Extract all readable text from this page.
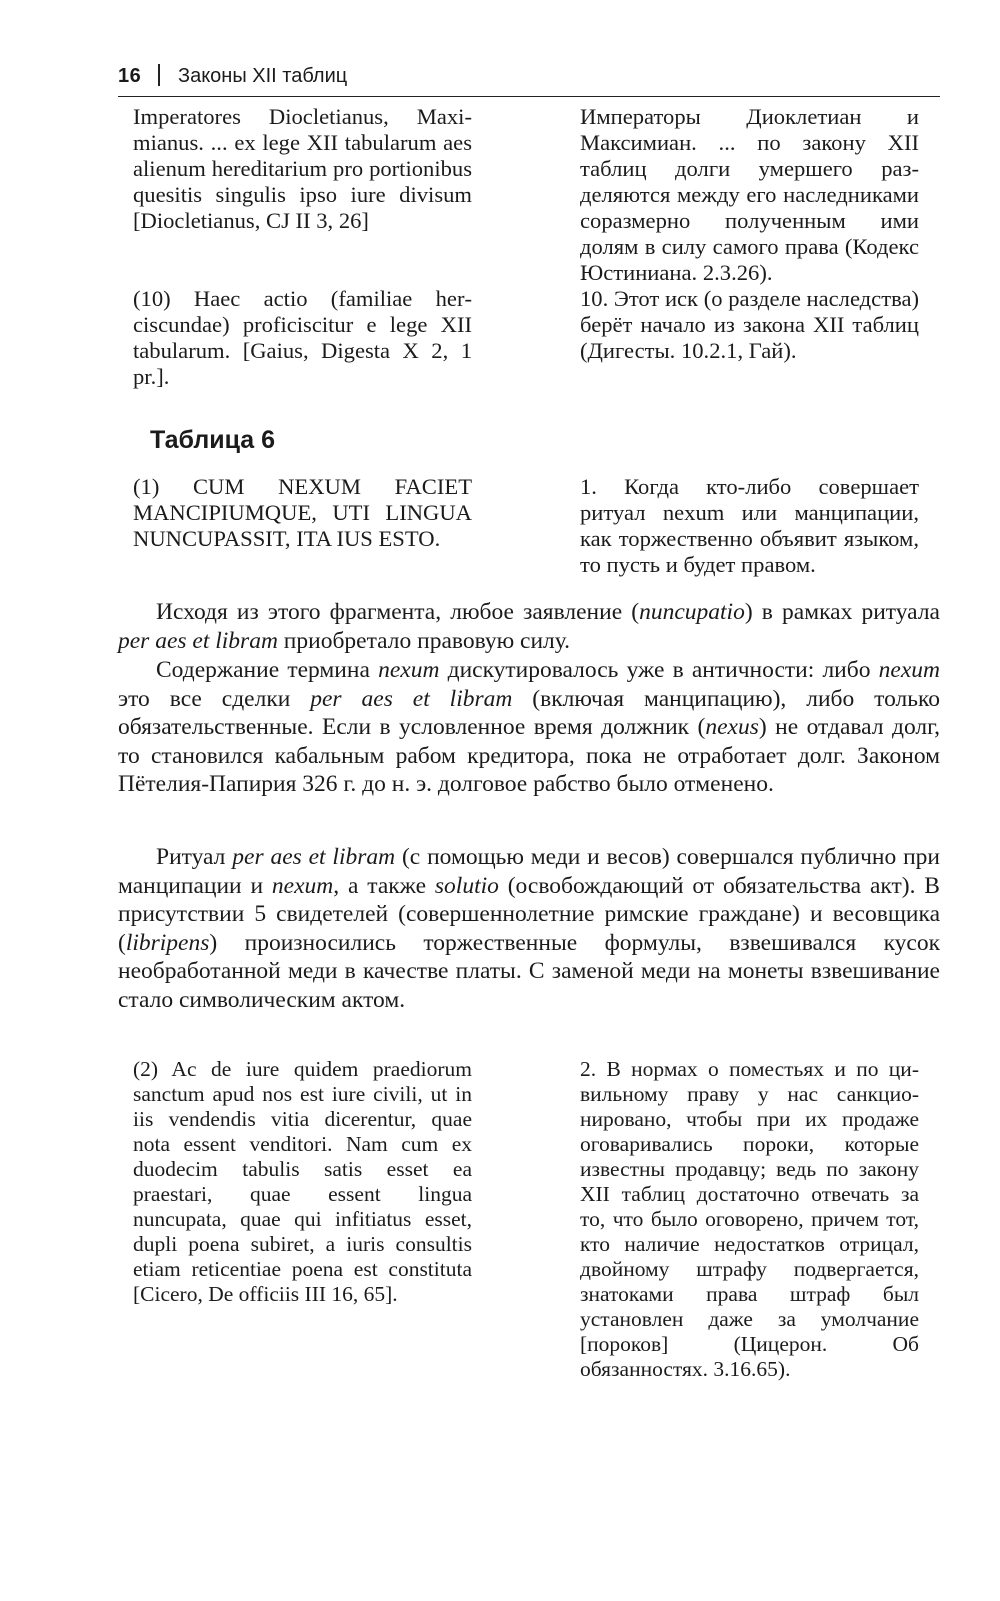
16 Законы XII таблиц

Imperatores Diocletianus, Maximianus. ... ex lege XII tabularum aes alienum hereditarium pro portionibus quesitis singulis ipso iure divisum [Diocletianus, CJ II 3, 26]

Императоры Диоклетиан и Максимиан. ... по закону XII таблиц долги умершего разделяются между его наследниками соразмерно полученным ими долям в силу самого права (Кодекс Юстиниана. 2.3.26).

(10) Haec actio (familiae herciscundae) proficiscitur e lege XII tabularum. [Gaius, Digesta X 2, 1 pr.].

10. Этот иск (о разделе наследства) берёт начало из закона XII таблиц (Дигесты. 10.2.1, Гай).

Таблица 6

(1) CUM NEXUM FACIET MANCIPIUMQUE, UTI LINGUA NUNCUPASSIT, ITA IUS ESTO.

1. Когда кто-либо совершает ритуал nexum или манципации, как торжественно объявит языком, то пусть и будет правом.

Исходя из этого фрагмента, любое заявление (nuncupatio) в рамках ритуала per aes et libram приобретало правовую силу.

Содержание термина nexum дискутировалось уже в античности: либо nexum это все сделки per aes et libram (включая манципацию), либо только обязательственные. Если в условленное время должник (nexus) не отдавал долг, то становился кабальным рабом кредитора, пока не отработает долг. Законом Пётелия-Папирия 326 г. до н. э. долговое рабство было отменено.

Ритуал per aes et libram (с помощью меди и весов) совершался публично при манципации и nexum, а также solutio (освобождающий от обязательства акт). В присутствии 5 свидетелей (совершеннолетние римские граждане) и весовщика (libripens) произносились торжественные формулы, взвешивался кусок необработанной меди в качестве платы. С заменой меди на монеты взвешивание стало символическим актом.

(2) Ac de iure quidem praediorum sanctum apud nos est iure civili, ut in iis vendendis vitia dicerentur, quae nota essent venditori. Nam cum ex duodecim tabulis satis esset ea praestari, quae essent lingua nuncupata, quae qui infitiatus esset, dupli poena subiret, a iuris consultis etiam reticentiae poena est constituta [Cicero, De officiis III 16, 65].

2. В нормах о поместьях и по цивильному праву у нас санкционировано, чтобы при их продаже оговаривались пороки, которые известны продавцу; ведь по закону XII таблиц достаточно отвечать за то, что было оговорено, причем тот, кто наличие недостатков отрицал, двойному штрафу подвергается, знатоками права штраф был установлен даже за умолчание [пороков] (Цицерон. Об обязанностях. 3.16.65).
